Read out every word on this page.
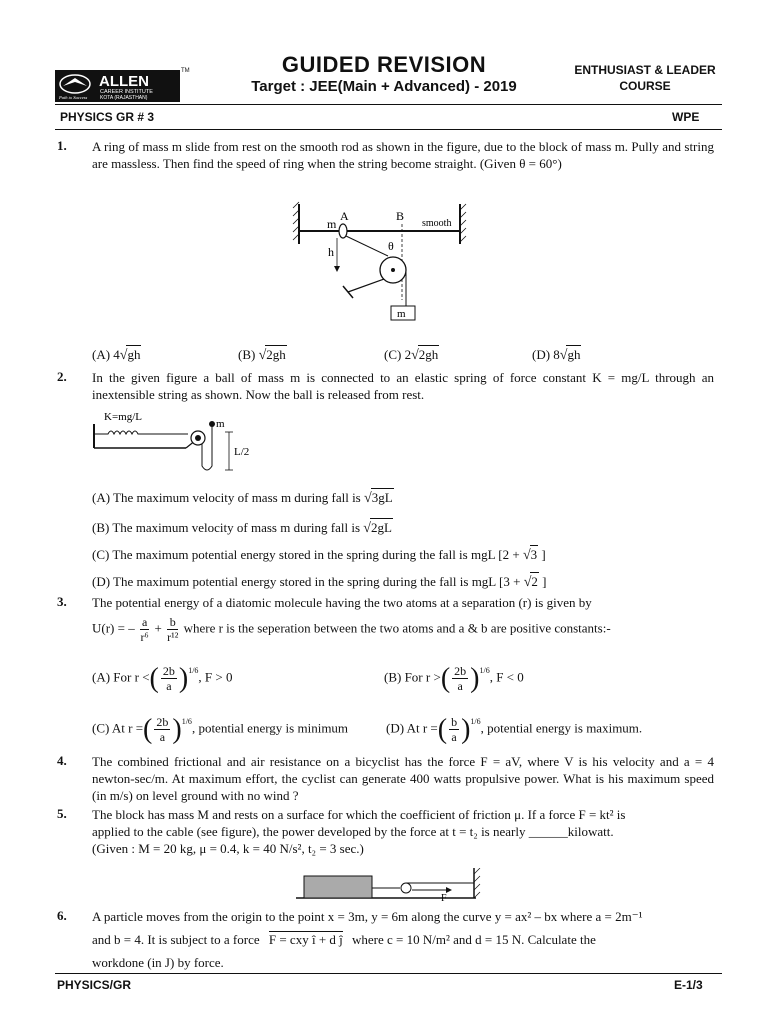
GUIDED REVISION
Target : JEE(Main + Advanced) - 2019
ENTHUSIAST & LEADER
COURSE
ALLEN
CAREER INSTITUTE
KOTA (RAJASTHAN)
Path to Success
TM
PHYSICS GR # 3	WPE
1. A ring of mass m slide from rest on the smooth rod as shown in the figure, due to the block of mass m. Pully and string are massless. Then find the speed of ring when the string become straight. (Given θ = 60°)
m
A	B
smooth
h	θ
m
(A) 4√gh	(B) √2gh	(C) 2√2gh	(D) 8√gh
2. In the given figure a ball of mass m is connected to an elastic spring of force constant K = mg/L through an inextensible string as shown. Now the ball is released from rest.
K=mg/L
m
L/2
(A) The maximum velocity of mass m during fall is √3gL
(B) The maximum velocity of mass m during fall is √2gL
(C) The maximum potential energy stored in the spring during the fall is mgL [2 + √3 ]
(D) The maximum potential energy stored in the spring during the fall is mgL [3 + √2 ]
3. The potential energy of a diatomic molecule having the two atoms at a separation (r) is given by
U(r) = – $\frac{a}{\text{r⁶}} + \frac{b}{\text{r¹²}}$ where r is the seperation between the two atoms and a & b are positive constants:-
(A) For r <( $\frac{2b}{a} )^{1/6}$, F > 0	(B) For r >( $\frac{2b}{a} )^{1/6}$, F < 0
(C) At r =( $\frac{2b}{a} )^{1/6}$, potential energy is minimum	(D) At r =( $\frac{b}{a} )^{1/6}$, potential energy is maximum.
4. The combined frictional and air resistance on a bicyclist has the force F = aV, where V is his velocity and a = 4 newton-sec/m. At maximum effort, the cyclist can generate 400 watts propulsive power. What is his maximum speed (in m/s) on level ground with no wind ?
5. The block has mass M and rests on a surface for which the coefficient of friction μ. If a force F = kt² is
applied to the cable (see figure), the power developed by the force at t = t₂ is nearly ______kilowatt.
(Given : M = 20 kg, μ = 0.4, k = 40 N/s², t₂ = 3 sec.)
F
6. A particle moves from the origin to the point x = 3m, y = 6m along the curve y = ax² – bx where a = 2m⁻¹
and b = 4. It is subject to a force F = cxy î + d ĵ where c = 10 N/m² and d = 15 N. Calculate the
workdone (in J) by force.
PHYSICS/GR	E-1/3
